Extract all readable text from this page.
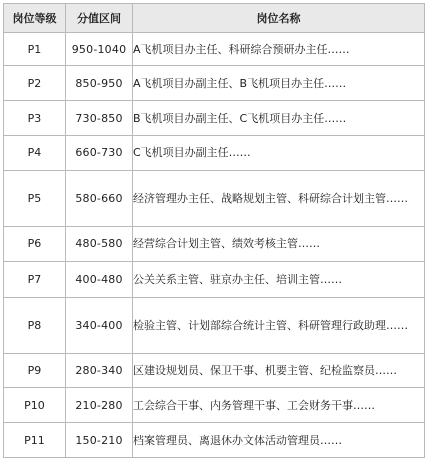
岗位等级	分值区间	岗位名称
P1	950-1040	A飞机项目办主任、科研综合预研办主任……
P2	850-950	A飞机项目办副主任、B飞机项目办主任……
P3	730-850	B飞机项目办副主任、C飞机项目办主任……
P4	660-730	C飞机项目办副主任……
P5	580-660	经济管理办主任、战略规划主管、科研综合计划主管……
P6	480-580	经营综合计划主管、绩效考核主管……
P7	400-480	公关关系主管、驻京办主任、培训主管……
P8	340-400	检验主管、计划部综合统计主管、科研管理行政助理……
P9	280-340	区建设规划员、保卫干事、机要主管、纪检监察员……
P10	210-280	工会综合干事、内务管理干事、工会财务干事……
P11	150-210	档案管理员、离退休办文体活动管理员……
